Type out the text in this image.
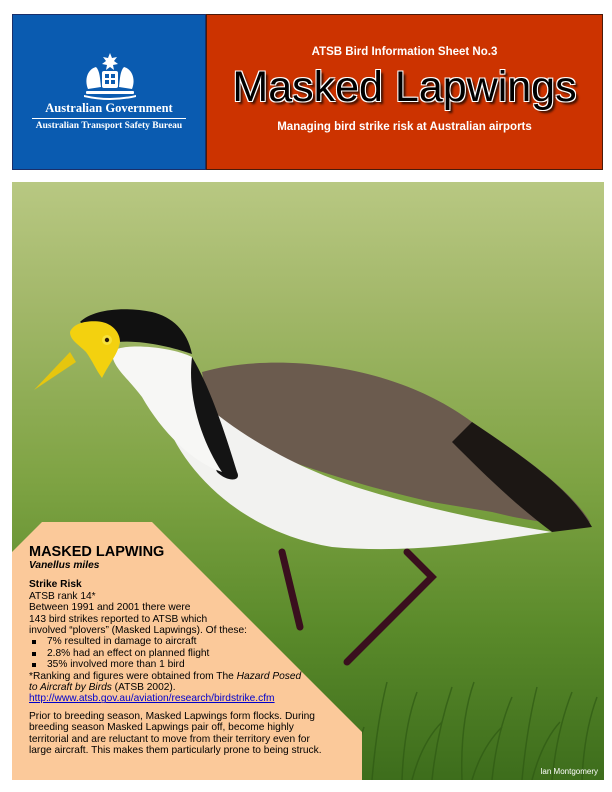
Australian Government
Australian Transport Safety Bureau
ATSB Bird Information Sheet No.3
Masked Lapwings
Managing bird strike risk at Australian airports
Ian Montgomery
MASKED LAPWING
Vanellus miles
Strike Risk
ATSB rank 14*
Between 1991 and 2001 there were
143 bird strikes reported to ATSB which
involved “plovers” (Masked Lapwings). Of these:
7% resulted in damage to aircraft
2.8% had an effect on planned flight
35% involved more than 1 bird
*Ranking and figures were obtained from The Hazard Posed
to Aircraft by Birds (ATSB 2002).
http://www.atsb.gov.au/aviation/research/birdstrike.cfm
Prior to breeding season, Masked Lapwings form flocks. During
breeding season Masked Lapwings pair off, become highly
territorial and are reluctant to move from their territory even for
large aircraft. This makes them particularly prone to being struck.
